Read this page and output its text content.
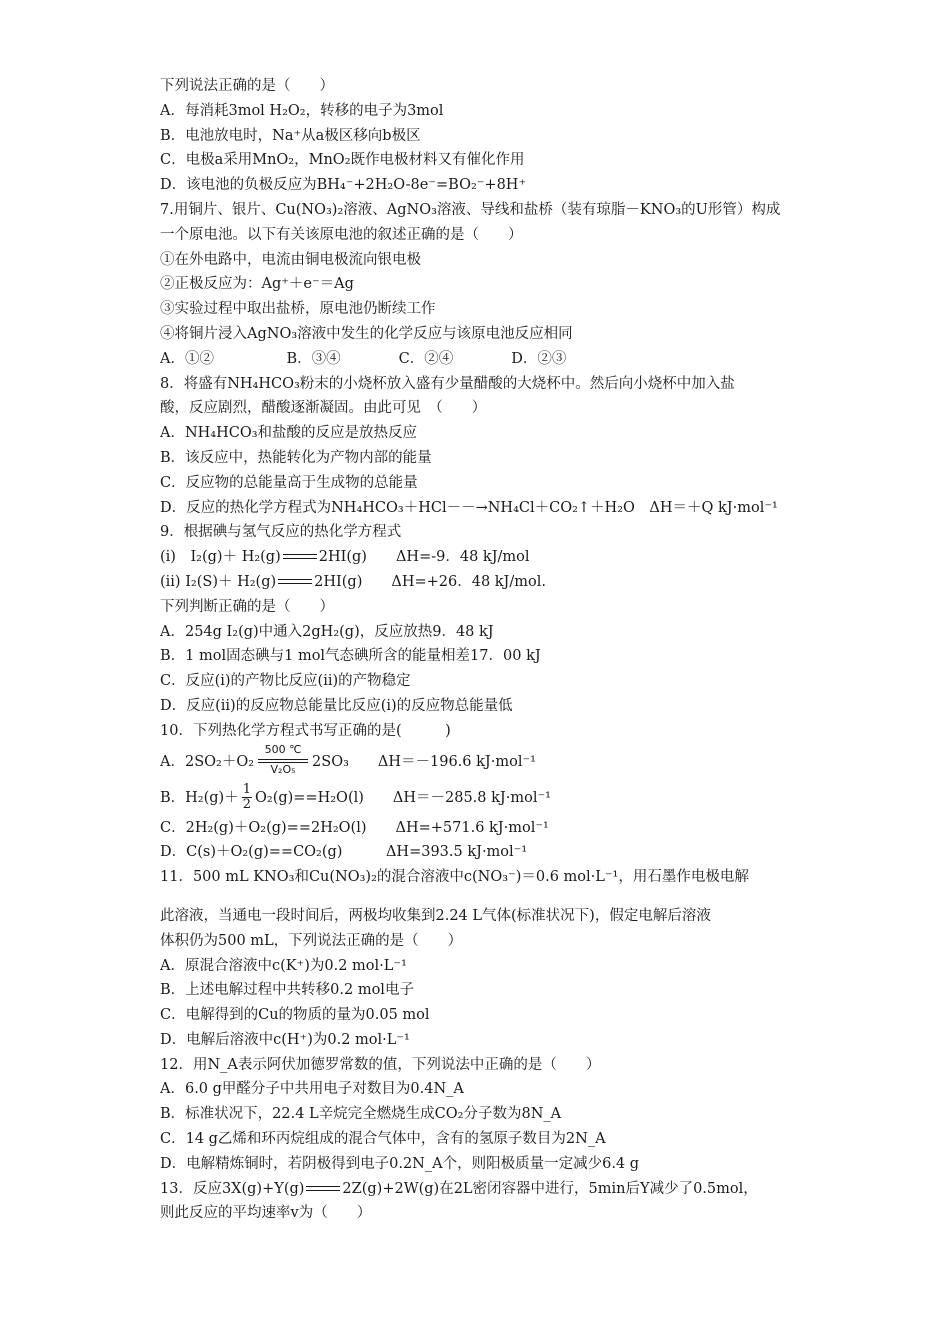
下列说法正确的是（　　）
A．每消耗3mol H₂O₂，转移的电子为3mol
B．电池放电时，Na⁺从a极区移向b极区
C．电极a采用MnO₂，MnO₂既作电极材料又有催化作用
D．该电池的负极反应为BH₄⁻+2H₂O-8e⁻=BO₂⁻+8H⁺
7.用铜片、银片、Cu(NO₃)₂溶液、AgNO₃溶液、导线和盐桥（装有琼脂－KNO₃的U形管）构成
一个原电池。以下有关该原电池的叙述正确的是（　　）
①在外电路中，电流由铜电极流向银电极
②正极反应为：Ag⁺＋e⁻＝Ag
③实验过程中取出盐桥，原电池仍断续工作
④将铜片浸入AgNO₃溶液中发生的化学反应与该原电池反应相同
A．①②　　　　　B．③④　　　　C．②④　　　　D．②③
8．将盛有NH₄HCO₃粉末的小烧杯放入盛有少量醋酸的大烧杯中。然后向小烧杯中加入盐
酸，反应剧烈，醋酸逐渐凝固。由此可见　（　　）
A．NH₄HCO₃和盐酸的反应是放热反应
B．该反应中，热能转化为产物内部的能量
C．反应物的总能量高于生成物的总能量
D．反应的热化学方程式为NH₄HCO₃＋HCl－－→NH₄Cl＋CO₂↑＋H₂O　ΔH＝＋Q kJ·mol⁻¹
9．根据碘与氢气反应的热化学方程式
(i)　I₂(g)＋ H₂(g)	2HI(g)　　ΔH=-9．48 kJ/mol
(ii) I₂(S)＋ H₂(g)	2HI(g)　　ΔH=+26．48 kJ/mol.
下列判断正确的是（　　）
A．254g I₂(g)中通入2gH₂(g)，反应放热9．48 kJ
B．1 mol固态碘与1 mol气态碘所含的能量相差17．00 kJ
C．反应(i)的产物比反应(ii)的产物稳定
D．反应(ii)的反应物总能量比反应(i)的反应物总能量低
10．下列热化学方程式书写正确的是(　　　)
A．$2SO_2+O_2 \frac{500 ℃}{\text{V₂O₅}} 2SO_3$　　ΔH＝－196.6 kJ·mol⁻¹
B．$H_2(g)+ \frac{1}{2} O_2(g)==H_2O(l)$　　ΔH＝－285.8 kJ·mol⁻¹
C．2H₂(g)＋O₂(g)==2H₂O(l)　　ΔH=+571.6 kJ·mol⁻¹
D．C(s)＋O₂(g)==CO₂(g)　　　ΔH=393.5 kJ·mol⁻¹
11．500 mL KNO₃和Cu(NO₃)₂的混合溶液中c(NO₃⁻)＝0.6 mol·L⁻¹，用石墨作电极电解
此溶液，当通电一段时间后，两极均收集到2.24 L气体(标准状况下)，假定电解后溶液
体积仍为500 mL，下列说法正确的是（　　）
A．原混合溶液中c(K⁺)为0.2 mol·L⁻¹
B．上述电解过程中共转移0.2 mol电子
C．电解得到的Cu的物质的量为0.05 mol
D．电解后溶液中c(H⁺)为0.2 mol·L⁻¹
12．用N_A表示阿伏加德罗常数的值，下列说法中正确的是（　　）
A．6.0 g甲醛分子中共用电子对数目为0.4N_A
B．标准状况下，22.4 L辛烷完全燃烧生成CO₂分子数为8N_A
C．14 g乙烯和环丙烷组成的混合气体中，含有的氢原子数目为2N_A
D．电解精炼铜时，若阴极得到电子0.2N_A个，则阳极质量一定减少6.4 g
13．反应3X(g)+Y(g)	2Z(g)+2W(g)在2L密闭容器中进行，5min后Y减少了0.5mol，
则此反应的平均速率v为（　　）
